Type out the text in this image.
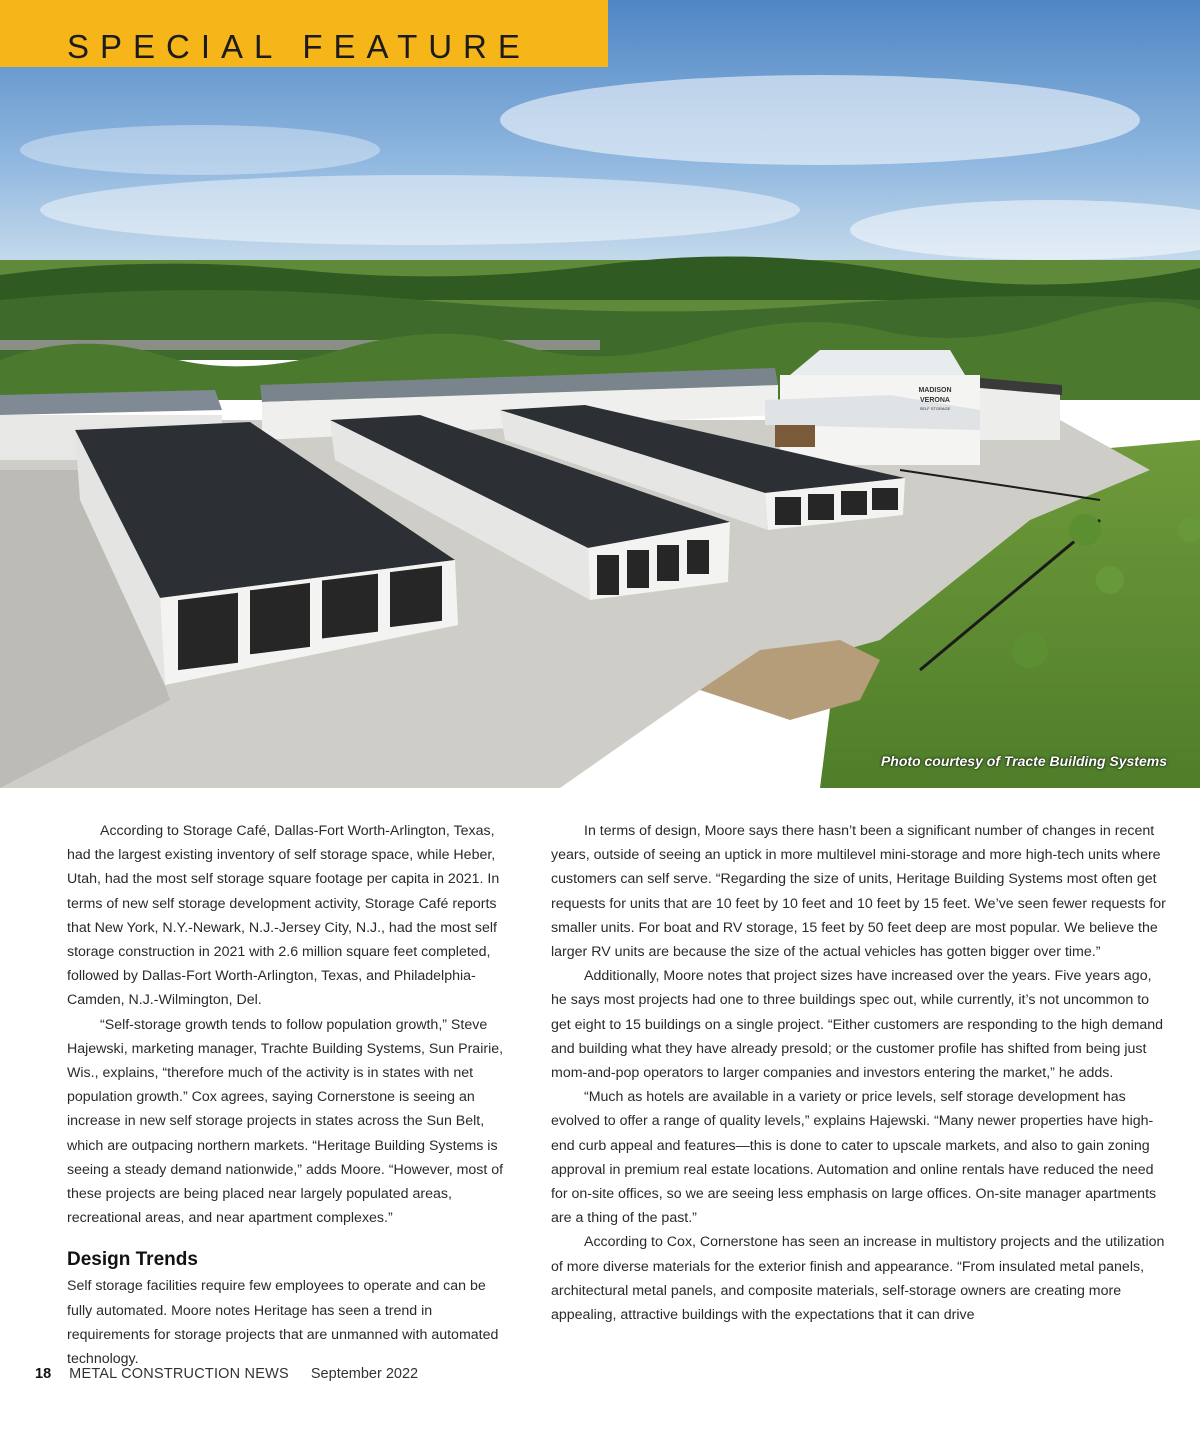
MADISON
VERONA
SELF STORAGE
SPECIAL FEATURE
Photo courtesy of Tracte Building Systems

According to Storage Café, Dallas-Fort Worth-Arlington, Texas, had the largest existing inventory of self storage space, while Heber, Utah, had the most self storage square footage per capita in 2021. In terms of new self storage development activity, Storage Café reports that New York, N.Y.-Newark, N.J.-Jersey City, N.J., had the most self storage construction in 2021 with 2.6 million square feet completed, followed by Dallas-Fort Worth-Arlington, Texas, and Philadelphia-Camden, N.J.-Wilmington, Del.

“Self-storage growth tends to follow population growth,” Steve Hajewski, marketing manager, Trachte Building Systems, Sun Prairie, Wis., explains, “therefore much of the activity is in states with net population growth.” Cox agrees, saying Cornerstone is seeing an increase in new self storage projects in states across the Sun Belt, which are outpacing northern markets. “Heritage Building Systems is seeing a steady demand nationwide,” adds Moore. “However, most of these projects are being placed near largely populated areas, recreational areas, and near apartment complexes.”

Design Trends

Self storage facilities require few employees to operate and can be fully automated. Moore notes Heritage has seen a trend in requirements for storage projects that are unmanned with automated technology.

In terms of design, Moore says there hasn’t been a significant number of changes in recent years, outside of seeing an uptick in more multilevel mini-storage and more high-tech units where customers can self serve. “Regarding the size of units, Heritage Building Systems most often get requests for units that are 10 feet by 10 feet and 10 feet by 15 feet. We’ve seen fewer requests for smaller units. For boat and RV storage, 15 feet by 50 feet deep are most popular. We believe the larger RV units are because the size of the actual vehicles has gotten bigger over time.”

Additionally, Moore notes that project sizes have increased over the years. Five years ago, he says most projects had one to three buildings spec out, while currently, it’s not uncommon to get eight to 15 buildings on a single project. “Either customers are responding to the high demand and building what they have already presold; or the customer profile has shifted from being just mom-and-pop operators to larger companies and investors entering the market,” he adds.

“Much as hotels are available in a variety or price levels, self storage development has evolved to offer a range of quality levels,” explains Hajewski. “Many newer properties have high-end curb appeal and features—this is done to cater to upscale markets, and also to gain zoning approval in premium real estate locations. Automation and online rentals have reduced the need for on-site offices, so we are seeing less emphasis on large offices. On-site manager apartments are a thing of the past.”

According to Cox, Cornerstone has seen an increase in multistory projects and the utilization of more diverse materials for the exterior finish and appearance. “From insulated metal panels, architectural metal panels, and composite materials, self-storage owners are creating more appealing, attractive buildings with the expectations that it can drive

18 METAL CONSTRUCTION NEWS September 2022
